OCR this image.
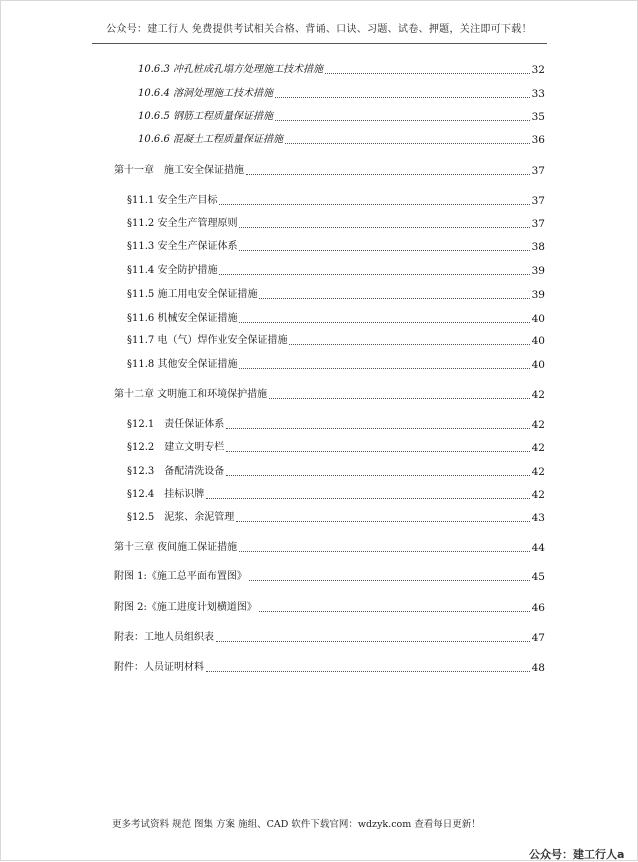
公众号：建工行人 免费提供考试相关合格、背诵、口诀、习题、试卷、押题，关注即可下载！
10.6.3 冲孔桩成孔塌方处理施工技术措施	32
10.6.4 溶洞处理施工技术措施	33
10.6.5 钢筋工程质量保证措施	35
10.6.6 混凝土工程质量保证措施	36
第十一章　施工安全保证措施	37
§11.1 安全生产目标	37
§11.2 安全生产管理原则	37
§11.3 安全生产保证体系	38
§11.4 安全防护措施	39
§11.5 施工用电安全保证措施	39
§11.6 机械安全保证措施	40
§11.7 电（气）焊作业安全保证措施	40
§11.8 其他安全保证措施	40
第十二章 文明施工和环境保护措施	42
§12.1　责任保证体系	42
§12.2　建立文明专栏	42
§12.3　备配清洗设备	42
§12.4　挂标识牌	42
§12.5　泥浆、余泥管理	43
第十三章 夜间施工保证措施	44
附图 1:《施工总平面布置图》	45
附图 2:《施工进度计划横道图》	46
附表：工地人员组织表	47
附件：人员证明材料	48
更多考试资料 规范 图集 方案 施组、CAD 软件下载官网：wdzyk.com 查看每日更新！
公众号：建工行人a
